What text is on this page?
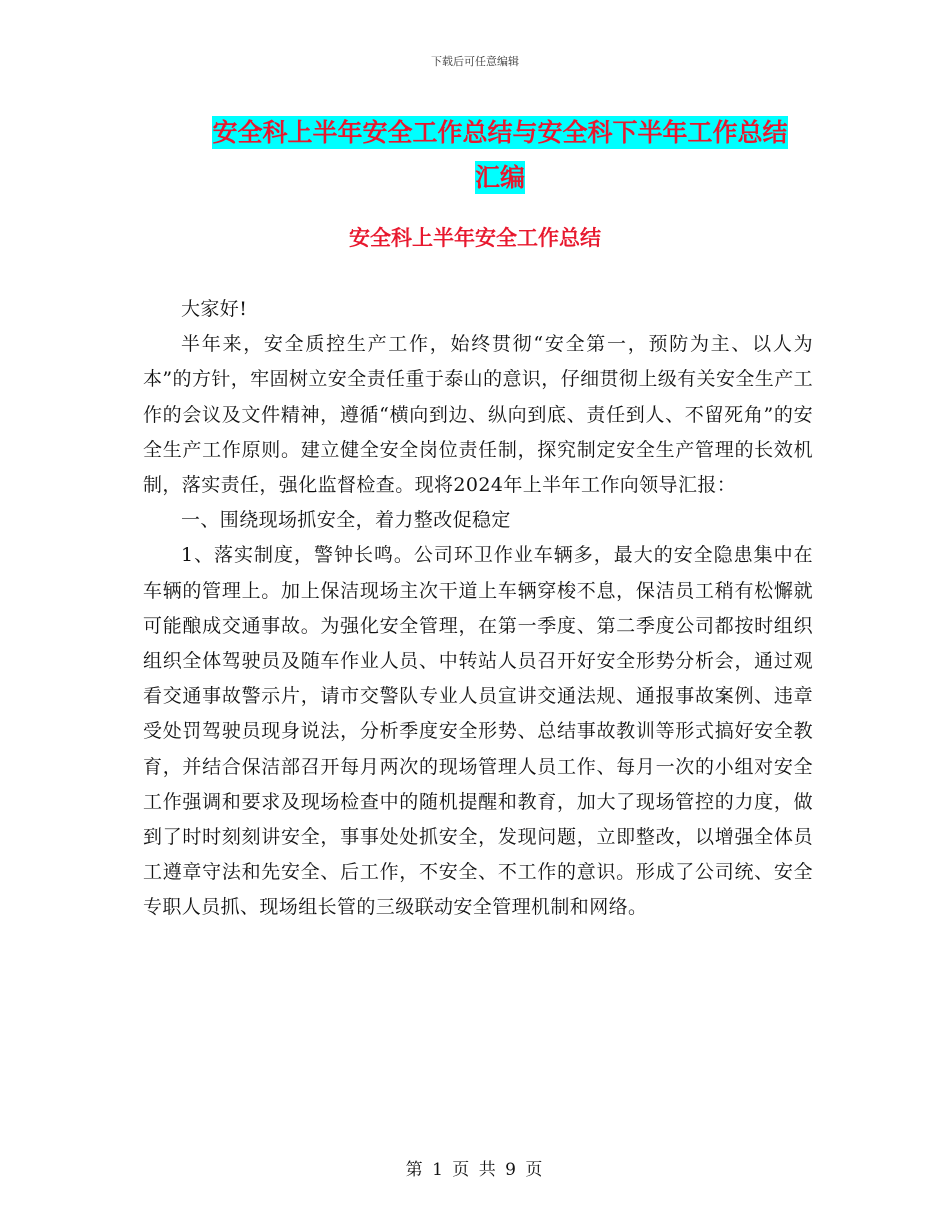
下载后可任意编辑
安全科上半年安全工作总结与安全科下半年工作总结
汇编
安全科上半年安全工作总结

大家好!

半年来，安全质控生产工作，始终贯彻“安全第一，预防为主、以人为本”的方针，牢固树立安全责任重于泰山的意识，仔细贯彻上级有关安全生产工作的会议及文件精神，遵循“横向到边、纵向到底、责任到人、不留死角”的安全生产工作原则。建立健全安全岗位责任制，探究制定安全生产管理的长效机制，落实责任，强化监督检查。现将2024年上半年工作向领导汇报：

一、围绕现场抓安全，着力整改促稳定

1、落实制度，警钟长鸣。公司环卫作业车辆多，最大的安全隐患集中在车辆的管理上。加上保洁现场主次干道上车辆穿梭不息，保洁员工稍有松懈就可能酿成交通事故。为强化安全管理，在第一季度、第二季度公司都按时组织组织全体驾驶员及随车作业人员、中转站人员召开好安全形势分析会，通过观看交通事故警示片，请市交警队专业人员宣讲交通法规、通报事故案例、违章受处罚驾驶员现身说法，分析季度安全形势、总结事故教训等形式搞好安全教育，并结合保洁部召开每月两次的现场管理人员工作、每月一次的小组对安全工作强调和要求及现场检查中的随机提醒和教育，加大了现场管控的力度，做到了时时刻刻讲安全，事事处处抓安全，发现问题，立即整改，以增强全体员工遵章守法和先安全、后工作，不安全、不工作的意识。形成了公司统、安全专职人员抓、现场组长管的三级联动安全管理机制和网络。

第 1 页 共 9 页
